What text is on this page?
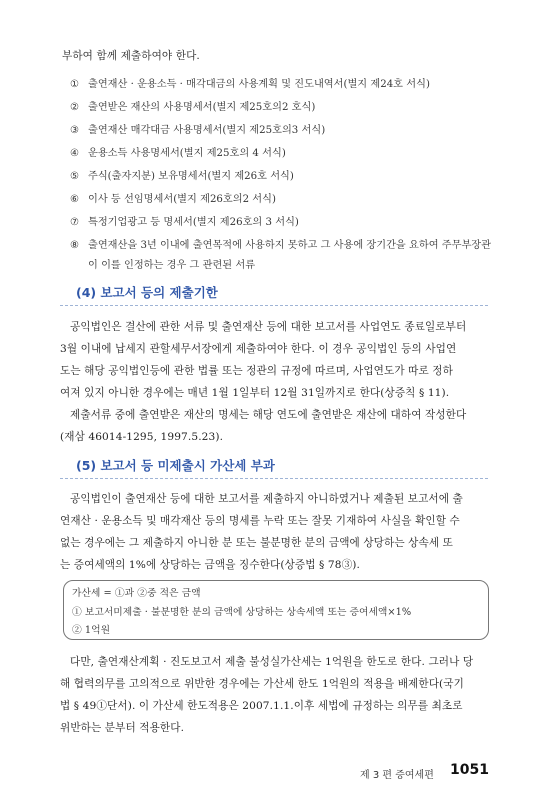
부하여 함께 제출하여야 한다.
① 출연재산 · 운용소득 · 매각대금의 사용계획 및 진도내역서(별지 제24호 서식)
② 출연받은 재산의 사용명세서(별지 제25호의2 호식)
③ 출연재산 매각대금 사용명세서(별지 제25호의3 서식)
④ 운용소득 사용명세서(별지 제25호의 4 서식)
⑤ 주식(출자지분) 보유명세서(별지 제26호 서식)
⑥ 이사 등 선임명세서(별지 제26호의2 서식)
⑦ 특정기업광고 등 명세서(별지 제26호의 3 서식)
⑧ 출연재산을 3년 이내에 출연목적에 사용하지 못하고 그 사용에 장기간을 요하여 주무부장관
이 이를 인정하는 경우 그 관련된 서류
(4) 보고서 등의 제출기한
공익법인은 결산에 관한 서류 및 출연재산 등에 대한 보고서를 사업연도 종료일로부터
3월 이내에 납세지 관할세무서장에게 제출하여야 한다. 이 경우 공익법인 등의 사업연
도는 해당 공익법인등에 관한 법률 또는 정관의 규정에 따르며, 사업연도가 따로 정하
여져 있지 아니한 경우에는 매년 1월 1일부터 12월 31일까지로 한다(상증칙 § 11).
제출서류 중에 출연받은 재산의 명세는 해당 연도에 출연받은 재산에 대하여 작성한다
(재삼 46014-1295, 1997.5.23).
(5) 보고서 등 미제출시 가산세 부과
공익법인이 출연재산 등에 대한 보고서를 제출하지 아니하였거나 제출된 보고서에 출
연재산 · 운용소득 및 매각재산 등의 명세를 누락 또는 잘못 기재하여 사실을 확인할 수
없는 경우에는 그 제출하지 아니한 분 또는 불분명한 분의 금액에 상당하는 상속세 또
는 증여세액의 1%에 상당하는 금액을 징수한다(상증법 § 78③).
가산세 = ①과 ②중 적은 금액
① 보고서미제출 · 불분명한 분의 금액에 상당하는 상속세액 또는 증여세액×1%
② 1억원
다만, 출연재산계획 · 진도보고서 제출 불성실가산세는 1억원을 한도로 한다. 그러나 당
해 협력의무를 고의적으로 위반한 경우에는 가산세 한도 1억원의 적용을 배제한다(국기
법 § 49①단서). 이 가산세 한도적용은 2007.1.1.이후 세법에 규정하는 의무를 최초로
위반하는 분부터 적용한다.
제 3 편 증여세편 1051
